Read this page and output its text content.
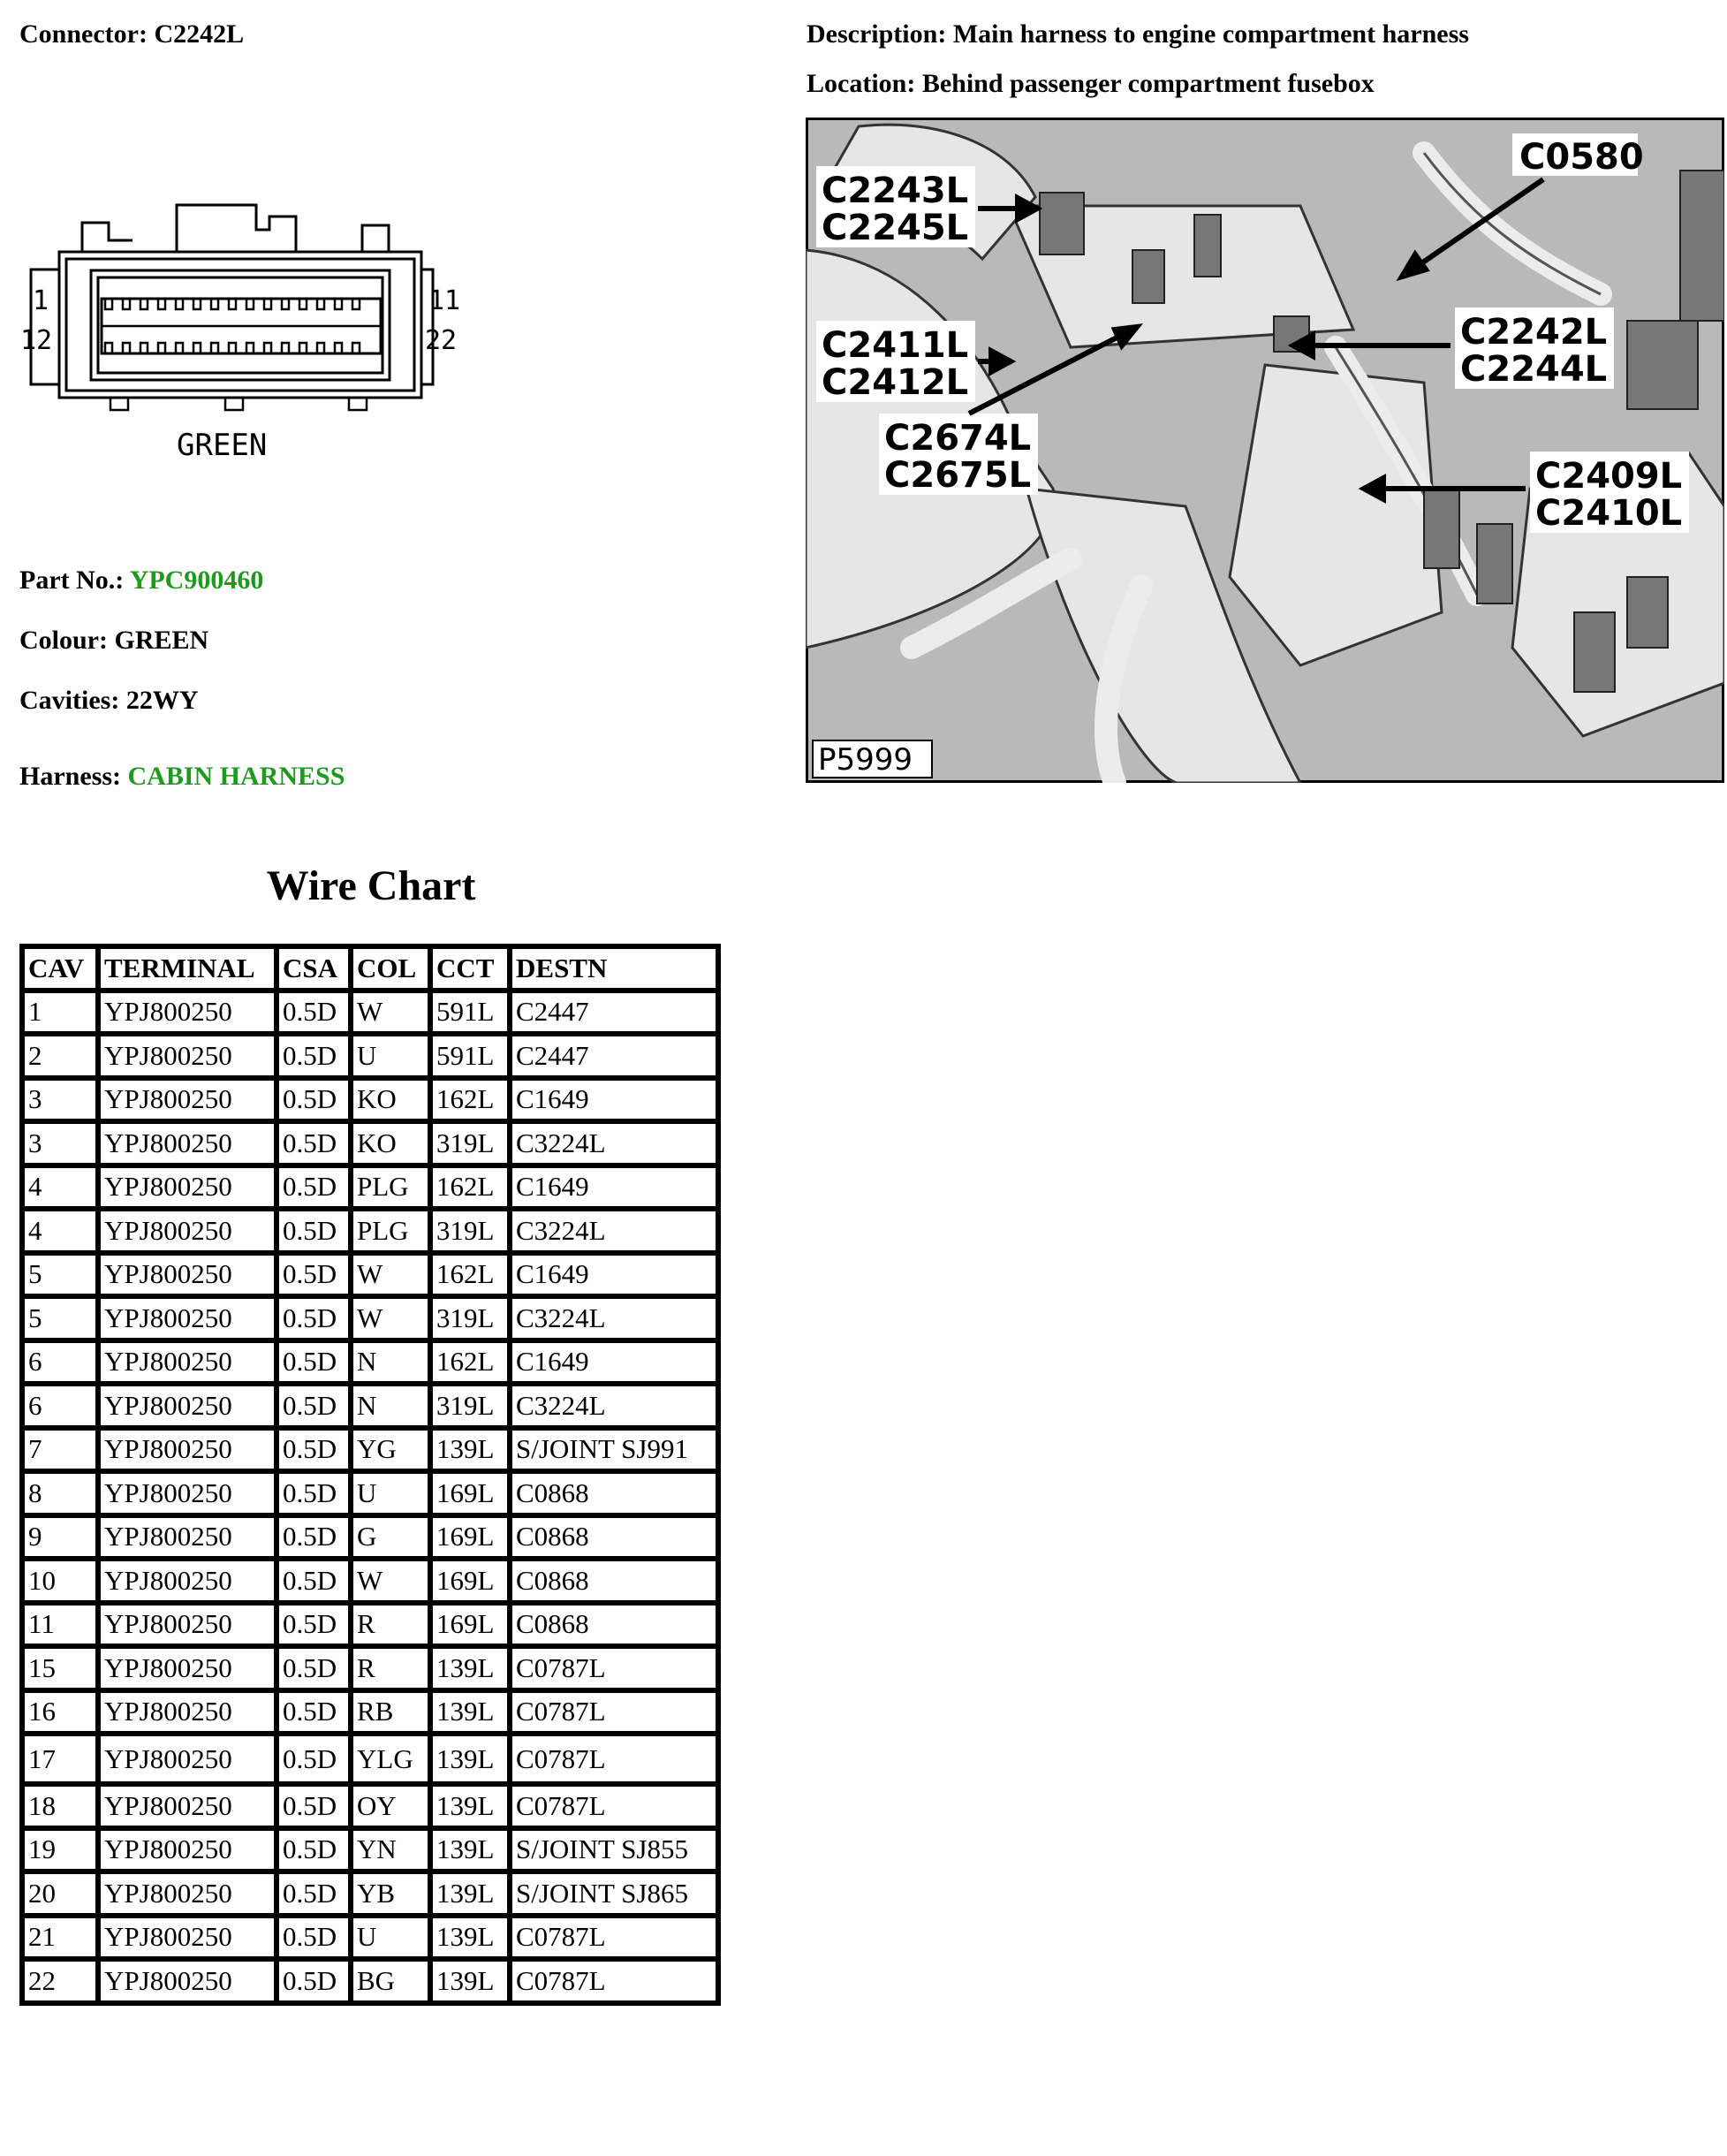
Connector: C2242L	Description: Main harness to engine compartment harness
Location: Behind passenger compartment fusebox
1
12
11
22
GREEN
Part No.: YPC900460
Colour: GREEN
Cavities: 22WY
Harness: CABIN HARNESS
C2243L
C2245L
C0580
C2411L
C2412L
C2242L
C2244L
C2674L
C2675L	C2409L
C2410L
P5999
Wire Chart
CAV	TERMINAL	CSA	COL	CCT	DESTN
1	YPJ800250	0.5D	W	591L	C2447
2	YPJ800250	0.5D	U	591L	C2447
3	YPJ800250	0.5D	KO	162L	C1649
3	YPJ800250	0.5D	KO	319L	C3224L
4	YPJ800250	0.5D	PLG	162L	C1649
4	YPJ800250	0.5D	PLG	319L	C3224L
5	YPJ800250	0.5D	W	162L	C1649
5	YPJ800250	0.5D	W	319L	C3224L
6	YPJ800250	0.5D	N	162L	C1649
6	YPJ800250	0.5D	N	319L	C3224L
7	YPJ800250	0.5D	YG	139L	S/JOINT SJ991
8	YPJ800250	0.5D	U	169L	C0868
9	YPJ800250	0.5D	G	169L	C0868
10	YPJ800250	0.5D	W	169L	C0868
11	YPJ800250	0.5D	R	169L	C0868
15	YPJ800250	0.5D	R	139L	C0787L
16	YPJ800250	0.5D	RB	139L	C0787L
17	YPJ800250	0.5D	YLG	139L	C0787L
18	YPJ800250	0.5D	OY	139L	C0787L
19	YPJ800250	0.5D	YN	139L	S/JOINT SJ855
20	YPJ800250	0.5D	YB	139L	S/JOINT SJ865
21	YPJ800250	0.5D	U	139L	C0787L
22	YPJ800250	0.5D	BG	139L	C0787L
